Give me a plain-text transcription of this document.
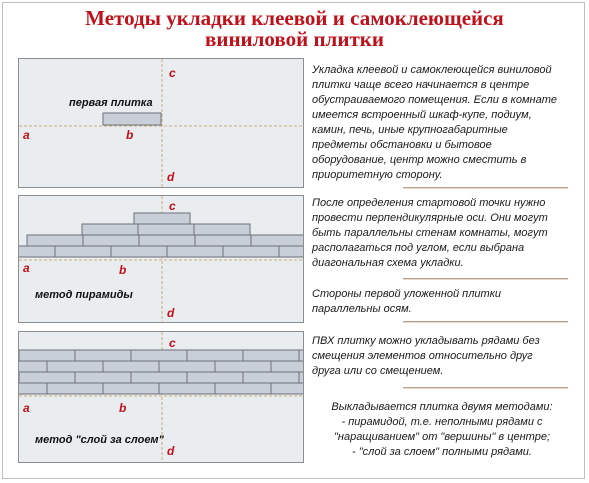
Методы укладки клеевой и самоклеющейся
виниловой плитки
первая плитка
c
a	b
d
c
a	b
метод пирамиды
d
c
a	b
метод "слой за слоем"
d
Укладка клеевой и самоклеющейся виниловой
плитки чаще всего начинается в центре
обустраиваемого помещения. Если в комнате
имеется встроенный шкаф-купе, подиум,
камин, печь, иные крупногабаритные
предметы обстановки и бытовое
оборудование, центр можно сместить в
приоритетную сторону.
После определения стартовой точки нужно
провести перпендикулярные оси. Они могут
быть параллельны стенам комнаты, могут
располагаться под углом, если выбрана
диагональная схема укладки.
Стороны первой уложенной плитки
параллельны осям.
ПВХ плитку можно укладывать рядами без
смещения элементов относительно друг
друга или со смещением.
Выкладывается плитка двумя методами:
- пирамидой, т.е. неполными рядами с
"наращиванием" от "вершины" в центре;
- "слой за слоем" полными рядами.
